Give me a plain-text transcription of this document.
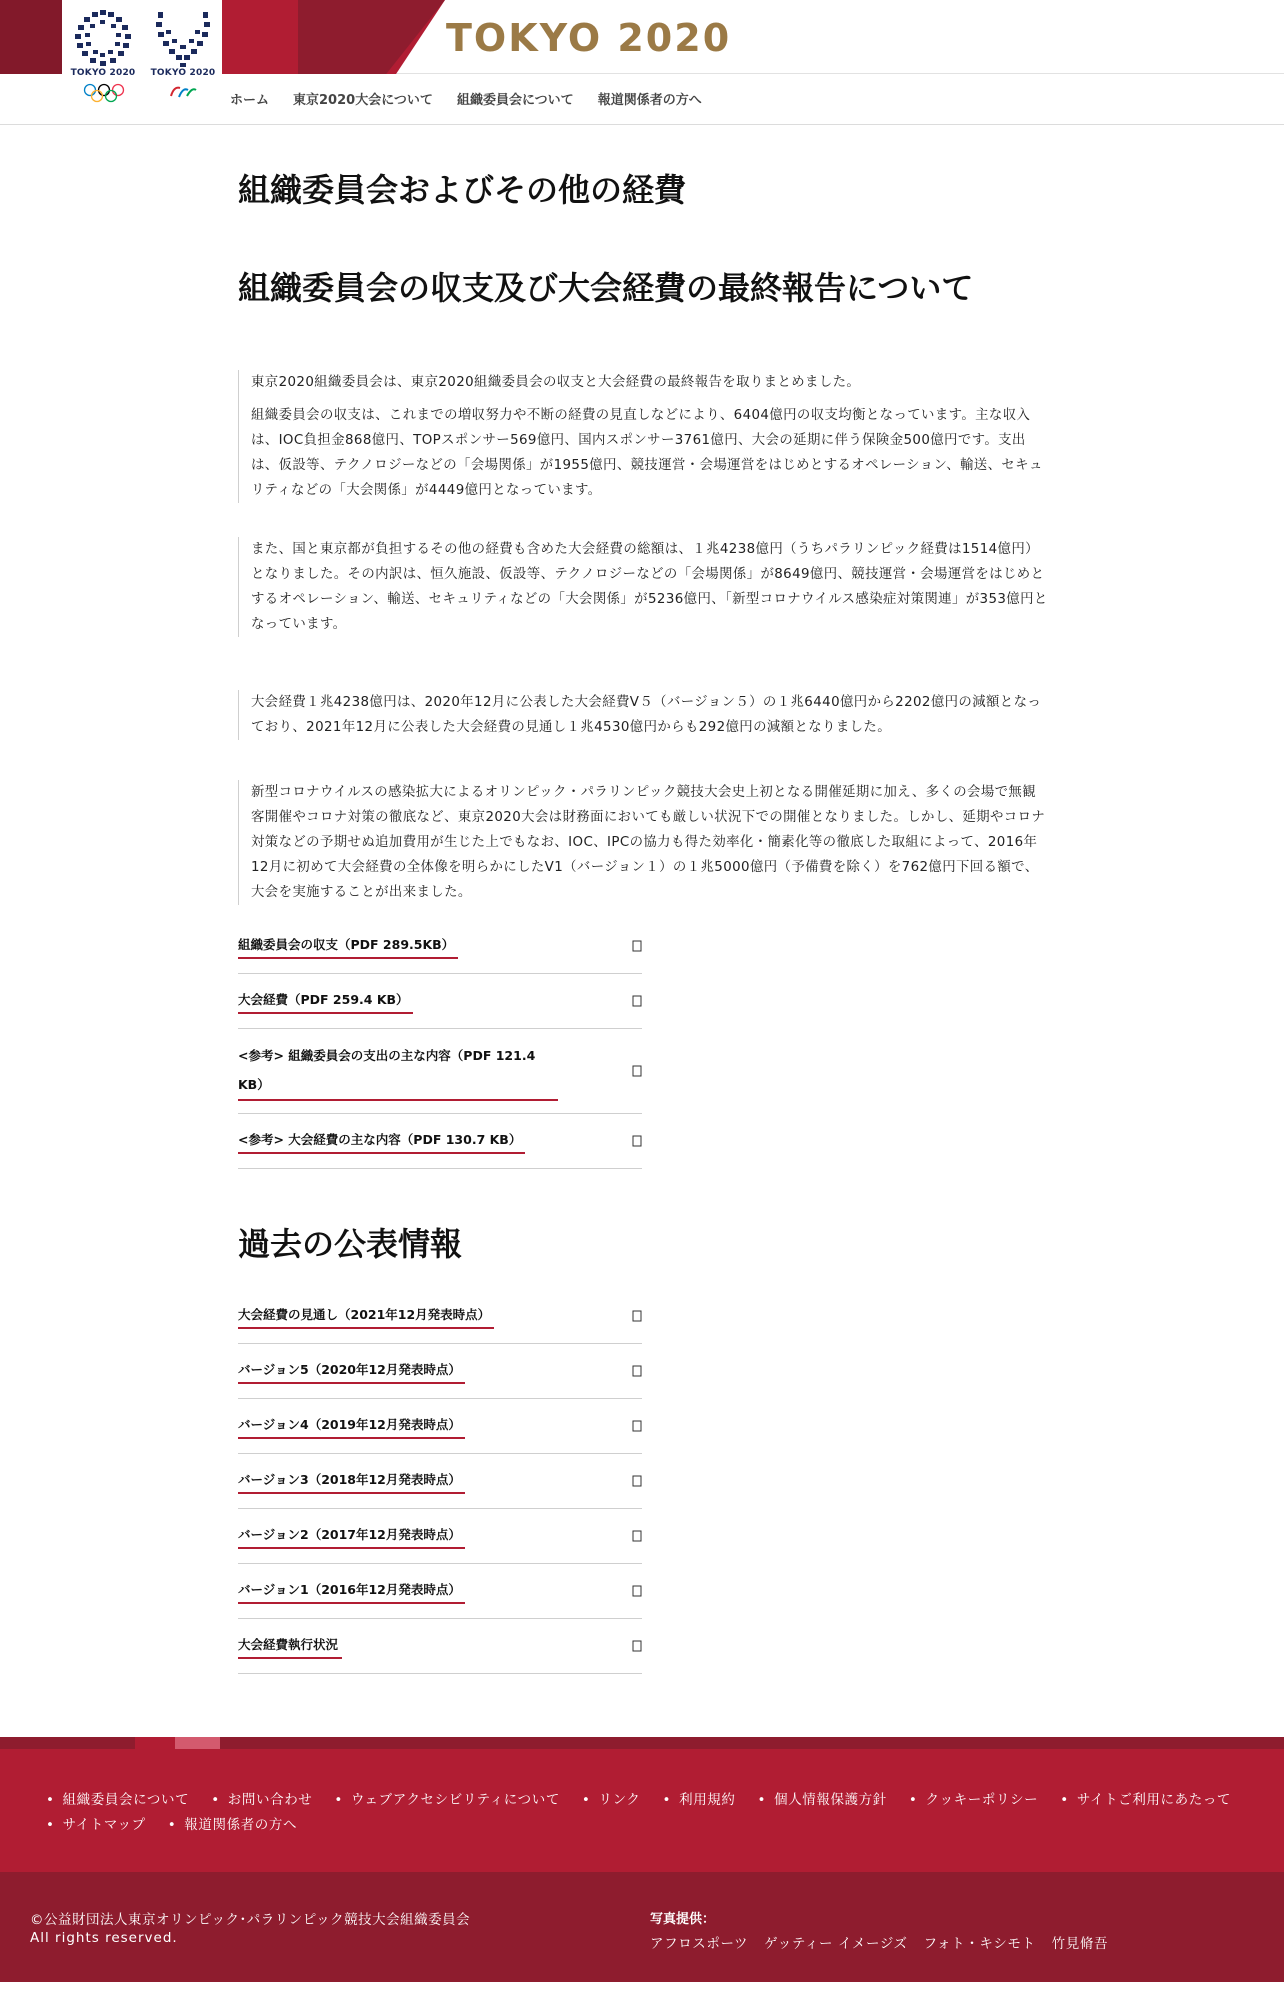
TOKYO 2020
TOKYO 2020 TOKYO 2020
ホーム 東京2020大会について 組織委員会について 報道関係者の方へ
組織委員会およびその他の経費
組織委員会の収支及び大会経費の最終報告について

東京2020組織委員会は、東京2020組織委員会の収支と大会経費の最終報告を取りまとめました。

組織委員会の収支は、これまでの増収努力や不断の経費の見直しなどにより、6404億円の収支均衡となっています。主な収入は、IOC負担金868億円、TOPスポンサー569億円、国内スポンサー3761億円、大会の延期に伴う保険金500億円です。支出は、仮設等、テクノロジーなどの「会場関係」が1955億円、競技運営・会場運営をはじめとするオペレーション、輸送、セキュリティなどの「大会関係」が4449億円となっています。

また、国と東京都が負担するその他の経費も含めた大会経費の総額は、１兆4238億円（うちパラリンピック経費は1514億円）となりました。その内訳は、恒久施設、仮設等、テクノロジーなどの「会場関係」が8649億円、競技運営・会場運営をはじめとするオペレーション、輸送、セキュリティなどの「大会関係」が5236億円、「新型コロナウイルス感染症対策関連」が353億円となっています。

大会経費１兆4238億円は、2020年12月に公表した大会経費V５（バージョン５）の１兆6440億円から2202億円の減額となっており、2021年12月に公表した大会経費の見通し１兆4530億円からも292億円の減額となりました。

新型コロナウイルスの感染拡大によるオリンピック・パラリンピック競技大会史上初となる開催延期に加え、多くの会場で無観客開催やコロナ対策の徹底など、東京2020大会は財務面においても厳しい状況下での開催となりました。しかし、延期やコロナ対策などの予期せぬ追加費用が生じた上でもなお、IOC、IPCの協力も得た効率化・簡素化等の徹底した取組によって、2016年12月に初めて大会経費の全体像を明らかにしたV1（バージョン１）の１兆5000億円（予備費を除く）を762億円下回る額で、大会を実施することが出来ました。

組織委員会の収支（PDF 289.5KB）
大会経費（PDF 259.4 KB）
<参考> 組織委員会の支出の主な内容（PDF 121.4 KB）
<参考> 大会経費の主な内容（PDF 130.7 KB）
過去の公表情報
大会経費の見通し（2021年12月発表時点）
バージョン5（2020年12月発表時点）
バージョン4（2019年12月発表時点）
バージョン3（2018年12月発表時点）
バージョン2（2017年12月発表時点）
バージョン1（2016年12月発表時点）
大会経費執行状況
• 組織委員会について	• お問い合わせ	• ウェブアクセシビリティについて	• リンク	• 利用規約	• 個人情報保護方針	• クッキーポリシー	• サイトご利用にあたって
• サイトマップ	• 報道関係者の方へ
©公益財団法人東京オリンピック･パラリンピック競技大会組織委員会
All rights reserved.
写真提供：
アフロスポーツ ゲッティー イメージズ フォト・キシモト 竹見脩吾
